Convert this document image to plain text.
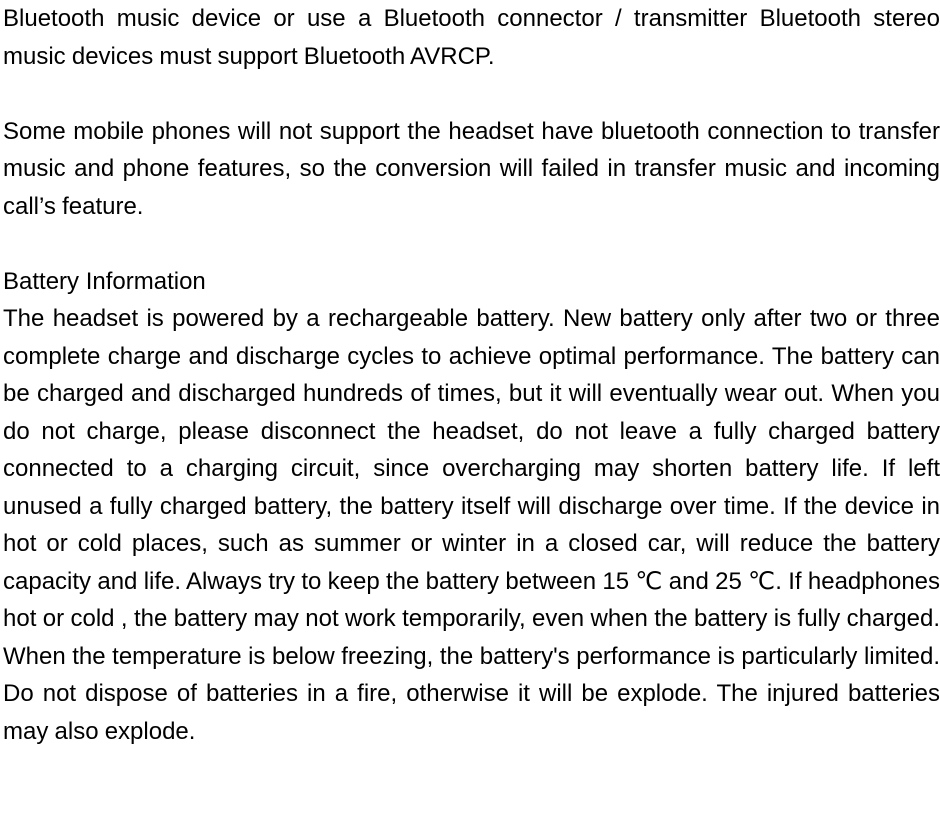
Bluetooth music device or use a Bluetooth connector / transmitter Bluetooth stereo music devices must support Bluetooth AVRCP.

Some mobile phones will not support the headset have bluetooth connection to transfer music and phone features, so the conversion will failed in transfer music and incoming call’s feature.

Battery Information

The headset is powered by a rechargeable battery. New battery only after two or three complete charge and discharge cycles to achieve optimal performance. The battery can be charged and discharged hundreds of times, but it will eventually wear out. When you do not charge, please disconnect the headset, do not leave a fully charged battery connected to a charging circuit, since overcharging may shorten battery life. If left unused a fully charged battery, the battery itself will discharge over time. If the device in hot or cold places, such as summer or winter in a closed car, will reduce the battery capacity and life. Always try to keep the battery between 15 ℃ and 25 ℃. If headphones hot or cold , the battery may not work temporarily, even when the battery is fully charged. When the temperature is below freezing, the battery's performance is particularly limited. Do not dispose of batteries in a fire, otherwise it will be explode. The injured batteries may also explode.
